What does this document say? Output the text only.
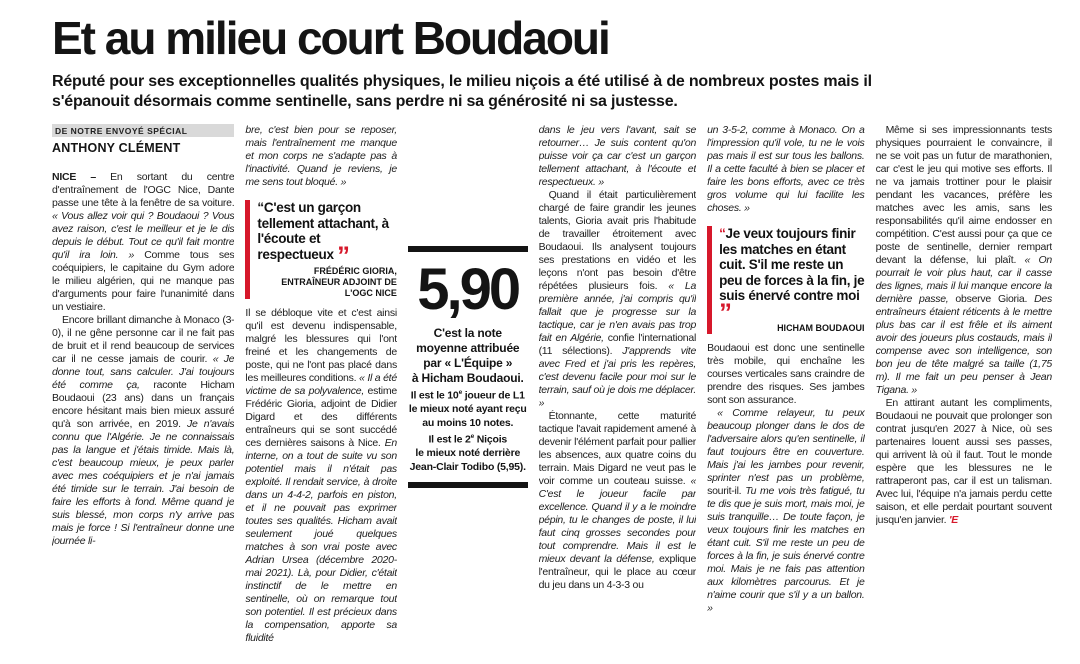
Et au milieu court Boudaoui

Réputé pour ses exceptionnelles qualités physiques, le milieu niçois a été utilisé à de nombreux postes mais il s'épanouit désormais comme sentinelle, sans perdre ni sa générosité ni sa justesse.

DE NOTRE ENVOYÉ SPÉCIAL
ANTHONY CLÉMENT

NICE – En sortant du centre d'entraînement de l'OGC Nice, Dante passe une tête à la fenêtre de sa voiture. « Vous allez voir qui ? Boudaoui ? Vous avez raison, c'est le meilleur et je le dis depuis le début. Tout ce qu'il fait montre qu'il ira loin. » Comme tous ses coéquipiers, le capitaine du Gym adore le milieu algérien, qui ne manque pas d'arguments pour faire l'unanimité dans un vestiaire.

Encore brillant dimanche à Monaco (3-0), il ne gêne personne car il ne fait pas de bruit et il rend beaucoup de services car il ne cesse jamais de courir. « Je donne tout, sans calculer. J'ai toujours été comme ça, raconte Hicham Boudaoui (23 ans) dans un français encore hésitant mais bien mieux assuré qu'à son arrivée, en 2019. Je n'avais connu que l'Algérie. Je ne connaissais pas la langue et j'étais timide. Mais là, c'est beaucoup mieux, je peux parler avec mes coéquipiers et je n'ai jamais été timide sur le terrain. J'ai besoin de faire les efforts à fond. Même quand je suis blessé, mon corps n'y arrive pas mais je force ! Si l'entraîneur donne une journée li-

bre, c'est bien pour se reposer, mais l'entraînement me manque et mon corps ne s'adapte pas à l'inactivité. Quand je reviens, je me sens tout bloqué. »

“C'est un garçon tellement attachant, à l'écoute et respectueux ”

FRÉDÉRIC GIORIA,
ENTRAÎNEUR ADJOINT DE L'OGC NICE

Il se débloque vite et c'est ainsi qu'il est devenu indispensable, malgré les blessures qui l'ont freiné et les changements de poste, qui ne l'ont pas placé dans les meilleures conditions. « Il a été victime de sa polyvalence, estime Frédéric Gioria, adjoint de Didier Digard et des différents entraîneurs qui se sont succédé ces dernières saisons à Nice. En interne, on a tout de suite vu son potentiel mais il n'était pas exploité. Il rendait service, à droite dans un 4-4-2, parfois en piston, et il ne pouvait pas exprimer toutes ses qualités. Hicham avait seulement joué quelques matches à son vrai poste avec Adrian Ursea (décembre 2020-mai 2021). Là, pour Didier, c'était instinctif de le mettre en sentinelle, où on remarque tout son potentiel. Il est précieux dans la compensation, apporte sa fluidité

5,90

C'est la note

moyenne attribuée

par « L'Équipe »

à Hicham Boudaoui.

Il est le 10e joueur de L1

le mieux noté ayant reçu

au moins 10 notes.

Il est le 2e Niçois

le mieux noté derrière

Jean-Clair Todibo (5,95).

dans le jeu vers l'avant, sait se retourner… Je suis content qu'on puisse voir ça car c'est un garçon tellement attachant, à l'écoute et respectueux. »

Quand il était particulièrement chargé de faire grandir les jeunes talents, Gioria avait pris l'habitude de travailler étroitement avec Boudaoui. Ils analysent toujours ses prestations en vidéo et les leçons n'ont pas besoin d'être répétées plusieurs fois. « La première année, j'ai compris qu'il fallait que je progresse sur la tactique, car je n'en avais pas trop fait en Algérie, confie l'international (11 sélections). J'apprends vite avec Fred et j'ai pris les repères, c'est devenu facile pour moi sur le terrain, sauf où je dois me déplacer. »

Étonnante, cette maturité tactique l'avait rapidement amené à devenir l'élément parfait pour pallier les absences, aux quatre coins du terrain. Mais Digard ne veut pas le voir comme un couteau suisse. « C'est le joueur facile par excellence. Quand il y a le moindre pépin, tu le changes de poste, il lui faut cinq grosses secondes pour tout comprendre. Mais il est le mieux devant la défense, explique l'entraîneur, qui le place au cœur du jeu dans un 4-3-3 ou

un 3-5-2, comme à Monaco. On a l'impression qu'il vole, tu ne le vois pas mais il est sur tous les ballons. Il a cette faculté à bien se placer et faire les bons efforts, avec ce très gros volume qui lui facilite les choses. »

“Je veux toujours finir les matches en étant cuit. S'il me reste un peu de forces à la fin, je suis énervé contre moi ”

HICHAM BOUDAOUI

Boudaoui est donc une sentinelle très mobile, qui enchaîne les courses verticales sans craindre de prendre des risques. Ses jambes sont son assurance.

« Comme relayeur, tu peux beaucoup plonger dans le dos de l'adversaire alors qu'en sentinelle, il faut toujours être en couverture. Mais j'ai les jambes pour revenir, sprinter n'est pas un problème, sourit-il. Tu me vois très fatigué, tu te dis que je suis mort, mais moi, je suis tranquille… De toute façon, je veux toujours finir les matches en étant cuit. S'il me reste un peu de forces à la fin, je suis énervé contre moi. Mais je ne fais pas attention aux kilomètres parcourus. Et je n'aime courir que s'il y a un ballon. »

Même si ses impressionnants tests physiques pourraient le convaincre, il ne se voit pas un futur de marathonien, car c'est le jeu qui motive ses efforts. Il ne va jamais trottiner pour le plaisir pendant les vacances, préfère les matches avec les amis, sans les responsabilités qu'il aime endosser en compétition. C'est aussi pour ça que ce poste de sentinelle, dernier rempart devant la défense, lui plaît. « On pourrait le voir plus haut, car il casse des lignes, mais il lui manque encore la dernière passe, observe Gioria. Des entraîneurs étaient réticents à le mettre plus bas car il est frêle et ils aiment avoir des joueurs plus costauds, mais il compense avec son intelligence, son bon jeu de tête malgré sa taille (1,75 m). Il me fait un peu penser à Jean Tigana. »

En attirant autant les compliments, Boudaoui ne pouvait que prolonger son contrat jusqu'en 2027 à Nice, où ses partenaires louent aussi ses passes, qui arrivent là où il faut. Tout le monde espère que les blessures ne le rattraperont pas, car il est un talisman. Avec lui, l'équipe n'a jamais perdu cette saison, et elle perdait pourtant souvent jusqu'en janvier. 'E
